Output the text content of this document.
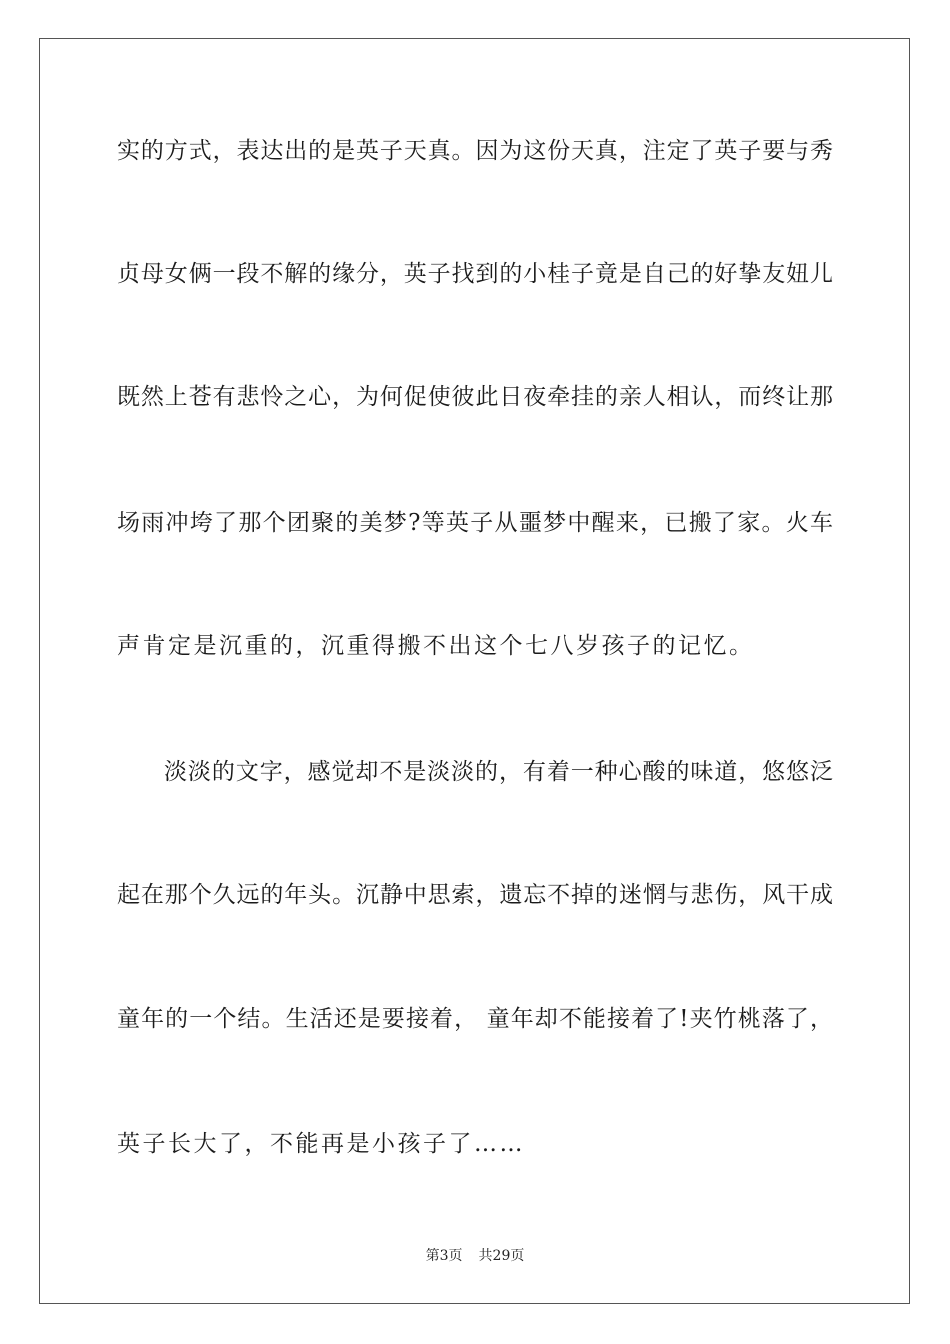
实的方式，表达出的是英子天真。因为这份天真，注定了英子要与秀
贞母女俩一段不解的缘分，英子找到的小桂子竟是自己的好挚友妞儿
既然上苍有悲怜之心，为何促使彼此日夜牵挂的亲人相认，而终让那
场雨冲垮了那个团聚的美梦?等英子从噩梦中醒来，已搬了家。火车
声肯定是沉重的，沉重得搬不出这个七八岁孩子的记忆。
淡淡的文字，感觉却不是淡淡的，有着一种心酸的味道，悠悠泛
起在那个久远的年头。沉静中思索，遗忘不掉的迷惘与悲伤，风干成
童年的一个结。生活还是要接着， 童年却不能接着了!夹竹桃落了，
英子长大了，不能再是小孩子了……
第3页 共29页
